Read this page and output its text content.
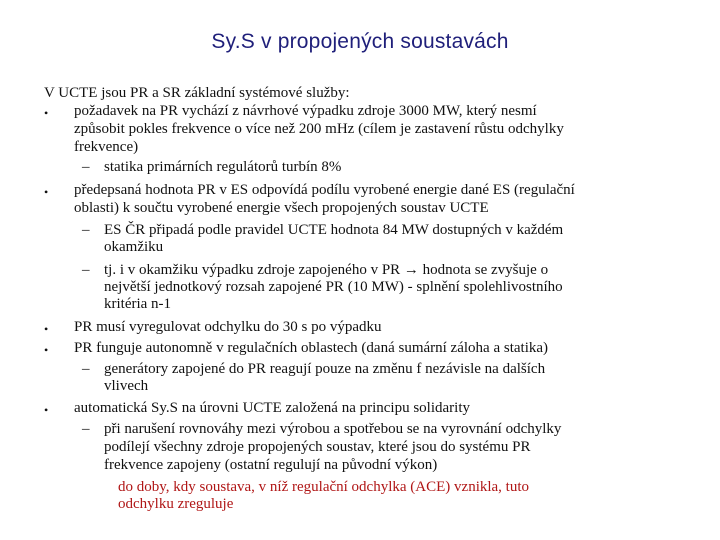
Sy.S v propojených soustavách
V UCTE jsou PR a SR základní systémové služby:
• požadavek na PR vychází z návrhové výpadku zdroje 3000 MW, který nesmí
způsobit pokles frekvence o více než 200 mHz (cílem je zastavení růstu odchylky
frekvence)
– statika primárních regulátorů turbín 8%
• předepsaná hodnota PR v ES odpovídá podílu vyrobené energie dané ES (regulační
oblasti) k součtu vyrobené energie všech propojených soustav UCTE
– ES ČR připadá podle pravidel UCTE hodnota 84 MW dostupných v každém
okamžiku
– tj. i v okamžiku výpadku zdroje zapojeného v PR → hodnota se zvyšuje o
největší jednotkový rozsah zapojené PR (10 MW) - splnění spolehlivostního
kritéria n-1
• PR musí vyregulovat odchylku do 30 s po výpadku
• PR funguje autonomně v regulačních oblastech (daná sumární záloha a statika)
– generátory zapojené do PR reagují pouze na změnu f nezávisle na dalších
vlivech
• automatická Sy.S na úrovni UCTE založená na principu solidarity
– při narušení rovnováhy mezi výrobou a spotřebou se na vyrovnání odchylky
podílejí všechny zdroje propojených soustav, které jsou do systému PR
frekvence zapojeny (ostatní regulují na původní výkon)
do doby, kdy soustava, v níž regulační odchylka (ACE) vznikla, tuto
odchylku zreguluje
